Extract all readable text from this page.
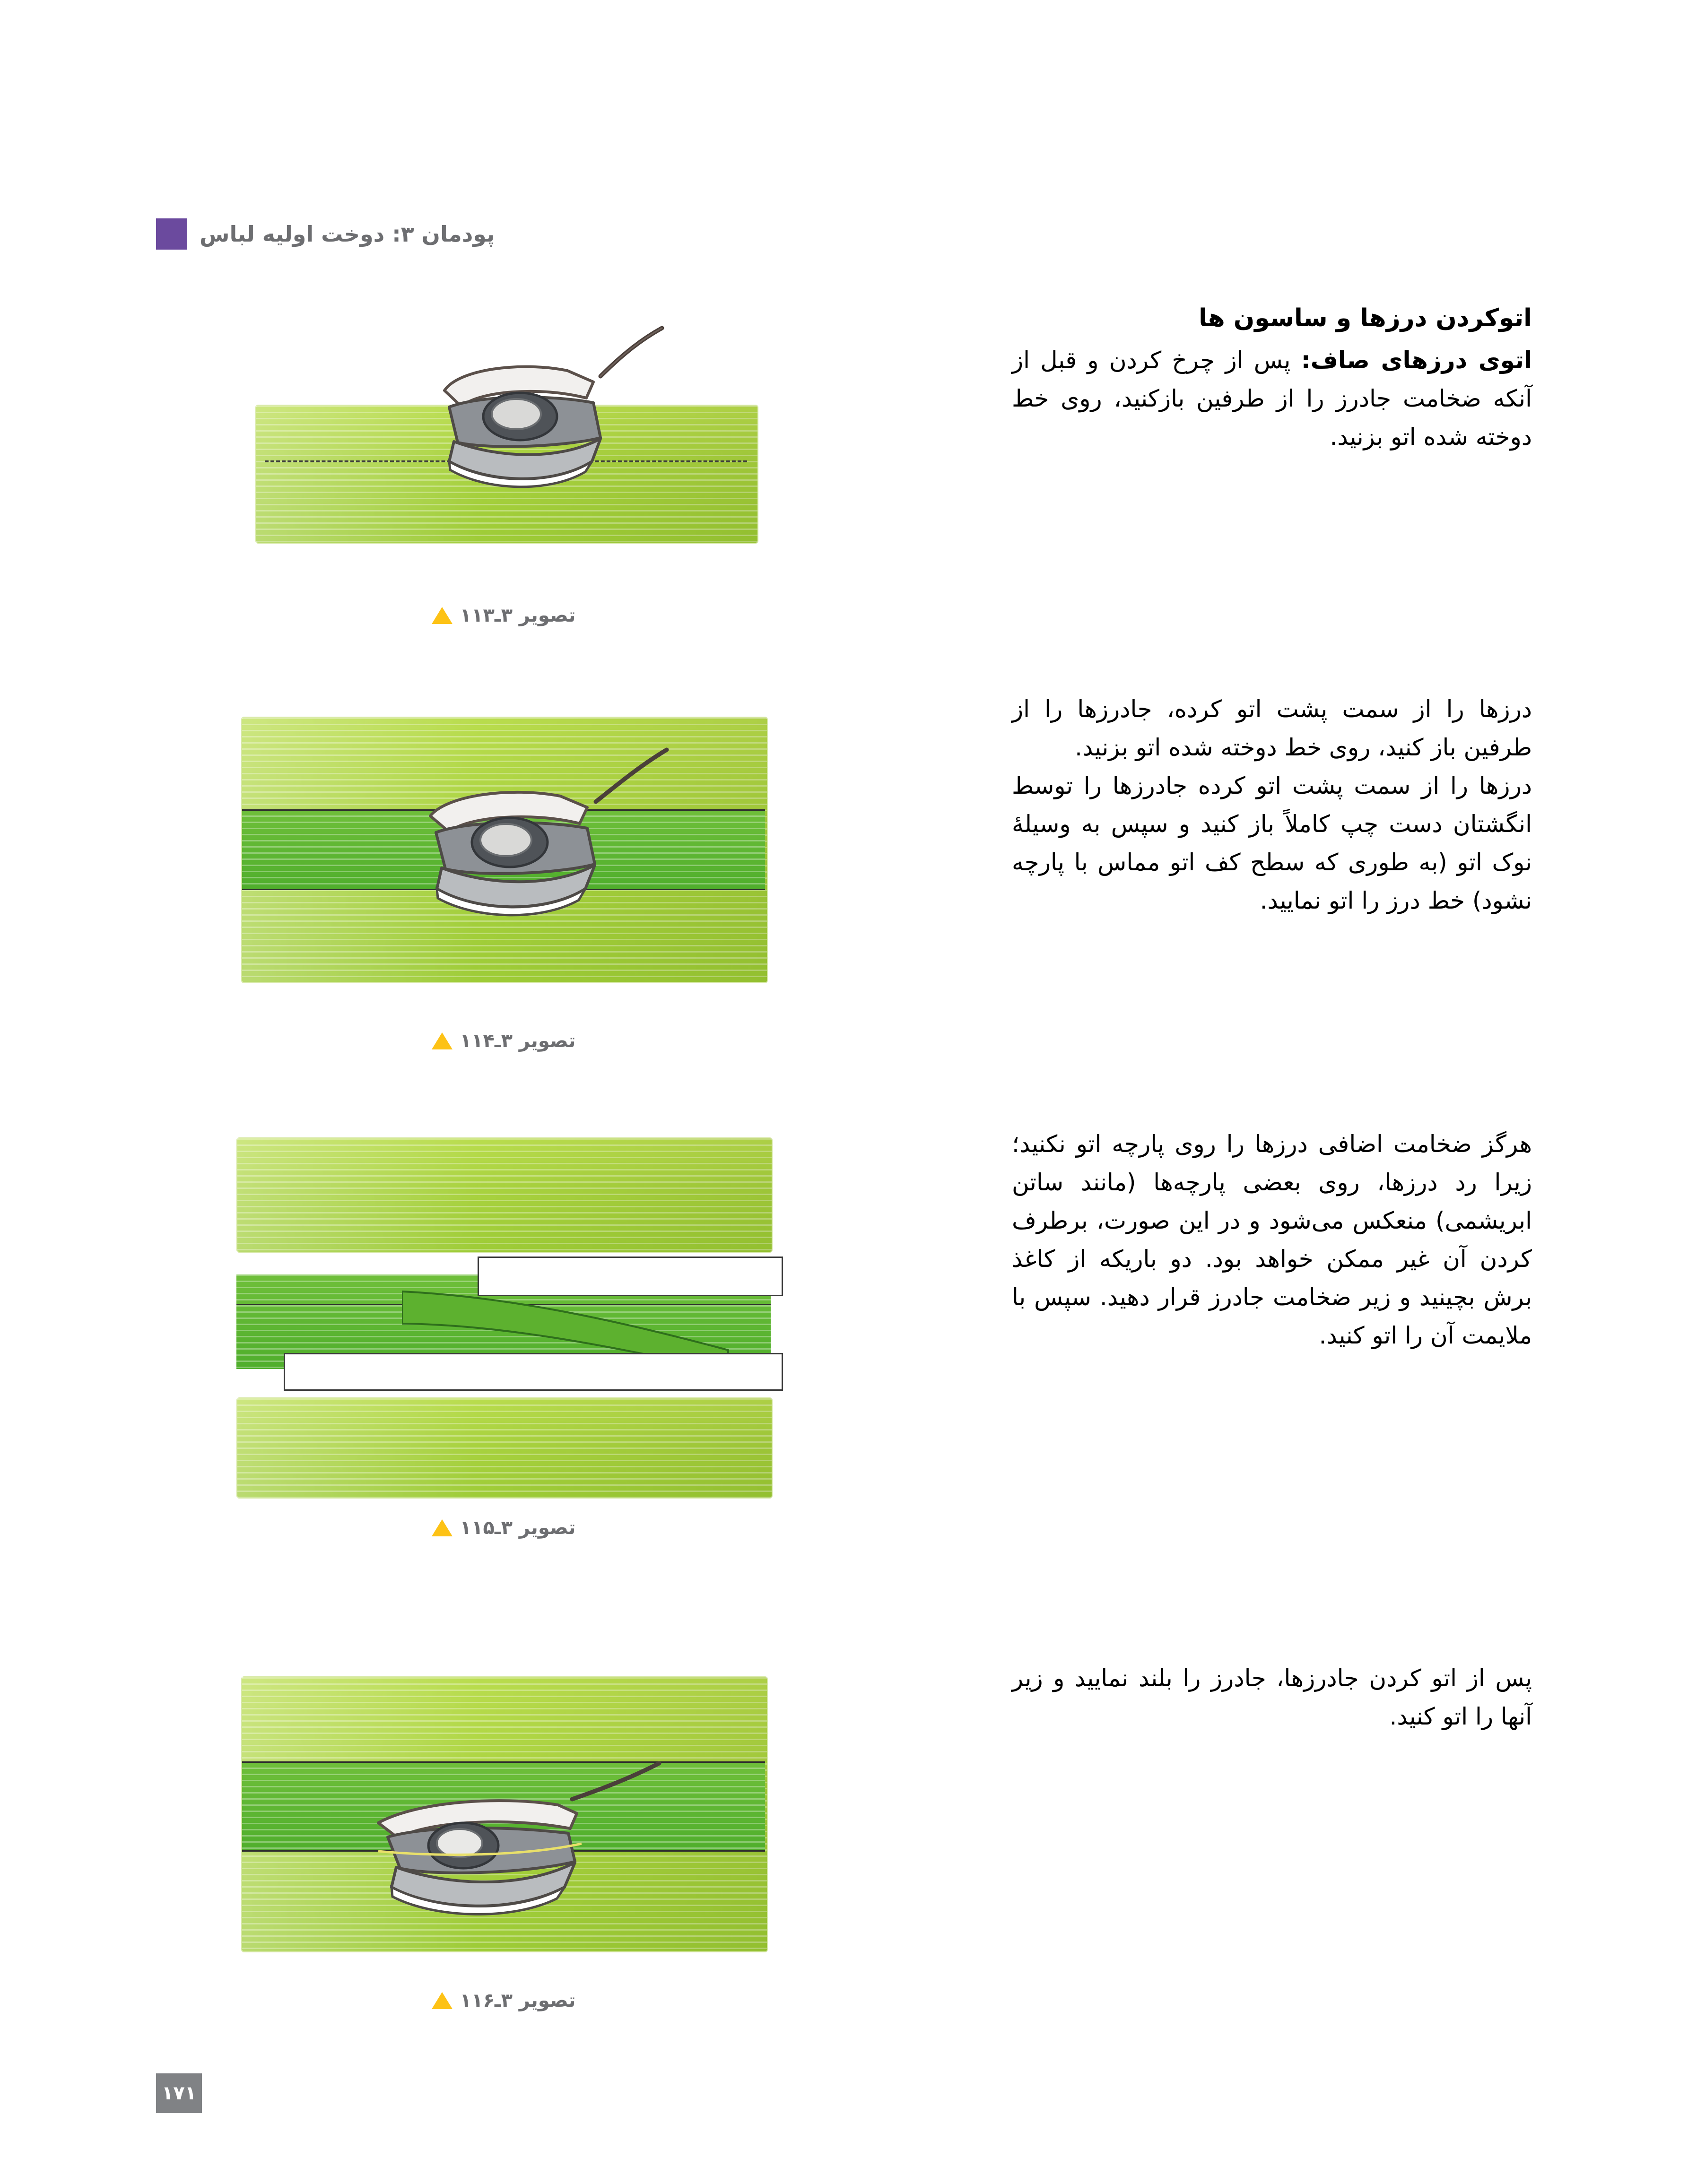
پودمان ۳: دوخت اولیه لباس
اتوکردن درزها و ساسون ها

اتوی درزهای صاف: پس از چرخ کردن و قبل از آنکه ضخامت جادرز را از طرفین بازکنید، روی خط دوخته شده اتو بزنید.

تصویر ۳ـ۱۱۳

درزها را از سمت پشت اتو کرده، جادرزها را از طرفین باز کنید، روی خط دوخته شده اتو بزنید.

درزها را از سمت پشت اتو کرده جادرزها را توسط انگشتان دست چپ کاملاً باز کنید و سپس به وسیلۀ نوک اتو (به طوری که سطح کف اتو مماس با پارچه نشود) خط درز را اتو نمایید.

تصویر ۳ـ۱۱۴

هرگز ضخامت اضافی درزها را روی پارچه اتو نکنید؛ زیرا رد درزها، روی بعضی پارچه‌ها (مانند ساتن ابریشمی) منعکس می‌شود و در این صورت، برطرف کردن آن غیر ممکن خواهد بود. دو باریکه از کاغذ برش بچینید و زیر ضخامت جادرز قرار دهید. سپس با ملایمت آن را اتو کنید.

تصویر ۳ـ۱۱۵

پس از اتو کردن جادرزها، جادرز را بلند نمایید و زیر آنها را اتو کنید.

تصویر ۳ـ۱۱۶
۱۷۱
